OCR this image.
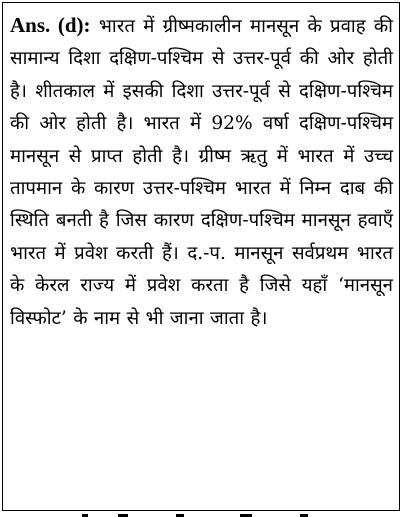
Ans. (d): भारत में ग्रीष्मकालीन मानसून के प्रवाह की सामान्य दिशा दक्षिण-पश्चिम से उत्तर-पूर्व की ओर होती है। शीतकाल में इसकी दिशा उत्तर-पूर्व से दक्षिण-पश्चिम की ओर होती है। भारत में 92% वर्षा दक्षिण-पश्चिम मानसून से प्राप्त होती है। ग्रीष्म ऋतु में भारत में उच्च तापमान के कारण उत्तर-पश्चिम भारत में निम्न दाब की स्थिति बनती है जिस कारण दक्षिण-पश्चिम मानसून हवाएँ भारत में प्रवेश करती हैं। द.-प. मानसून सर्वप्रथम भारत के केरल राज्य में प्रवेश करता है जिसे यहाँ ‘मानसून विस्फोट’ के नाम से भी जाना जाता है।
